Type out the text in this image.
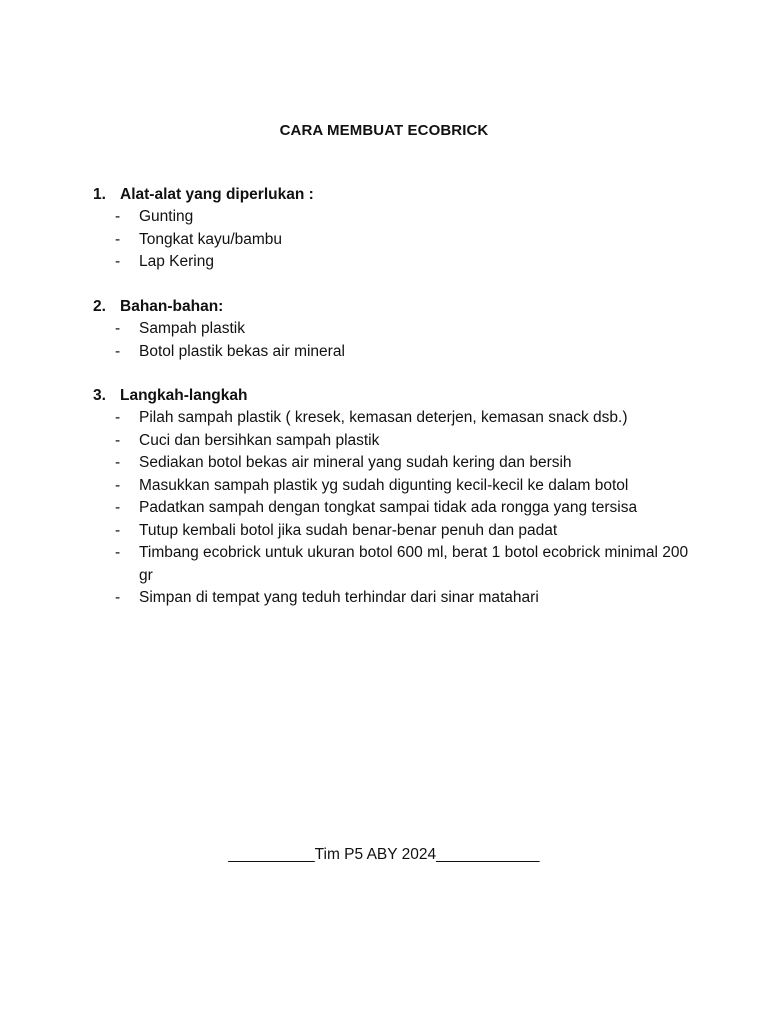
CARA MEMBUAT ECOBRICK
1. Alat-alat yang diperlukan :
- Gunting
- Tongkat kayu/bambu
- Lap Kering
2. Bahan-bahan:
- Sampah plastik
- Botol plastik bekas air mineral
3. Langkah-langkah
- Pilah sampah plastik ( kresek, kemasan deterjen, kemasan snack dsb.)
- Cuci dan bersihkan sampah plastik
- Sediakan botol bekas air mineral yang sudah kering dan bersih
- Masukkan sampah plastik yg sudah digunting kecil-kecil ke dalam botol
- Padatkan sampah dengan tongkat sampai tidak ada rongga yang tersisa
- Tutup kembali botol jika sudah benar-benar penuh dan padat
- Timbang ecobrick untuk ukuran botol 600 ml, berat 1 botol ecobrick minimal 200 gr
- Simpan di tempat yang teduh terhindar dari sinar matahari
__________Tim P5 ABY 2024____________
